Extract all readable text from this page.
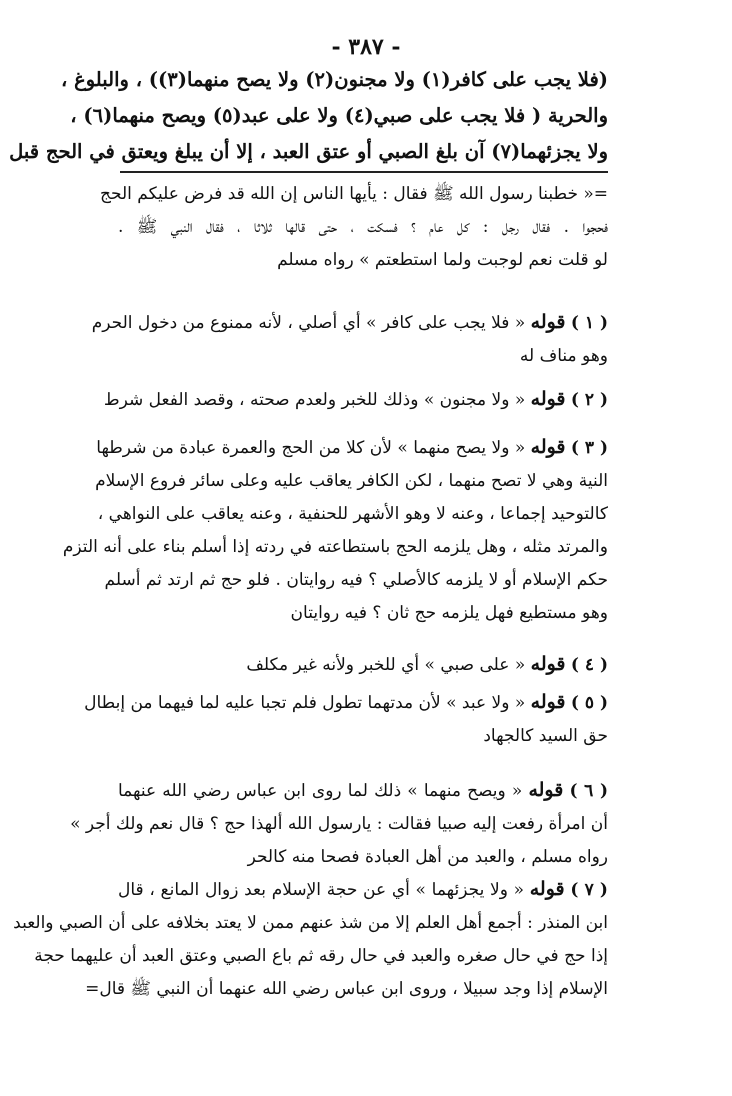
- ٣٨٧ -
(فلا يجب على كافر(١) ولا مجنون(٢) ولا يصح منهما(٣)) ، والبلوغ ،
والحرية ( فلا يجب على صبي(٤) ولا على عبد(٥) ويصح منهما(٦) ،
ولا يجزئهما(٧) آن بلغ الصبي أو عتق العبد ، إلا أن يبلغ ويعتق في الحج قبل
=« خطبنا رسول الله ﷺ فقال : يأيها الناس إن الله قد فرض عليكم الحج
فحجوا . فقال رجل : كل عام ؟ فسكت ، حتى قالها ثلاثا ، فقال النبي ﷺ .
لو قلت نعم لوجبت ولما استطعتم » رواه مسلم
( ١ ) قوله « فلا يجب على كافر » أي أصلي ، لأنه ممنوع من دخول الحرم
وهو مناف له
( ٢ ) قوله « ولا مجنون » وذلك للخبر ولعدم صحته ، وقصد الفعل شرط
( ٣ ) قوله « ولا يصح منهما » لأن كلا من الحج والعمرة عبادة من شرطها
النية وهي لا تصح منهما ، لكن الكافر يعاقب عليه وعلى سائر فروع الإسلام
كالتوحيد إجماعا ، وعنه لا وهو الأشهر للحنفية ، وعنه يعاقب على النواهي ،
والمرتد مثله ، وهل يلزمه الحج باستطاعته في ردته إذا أسلم بناء على أنه التزم
حكم الإسلام أو لا يلزمه كالأصلي ؟ فيه روايتان . فلو حج ثم ارتد ثم أسلم
وهو مستطيع فهل يلزمه حج ثان ؟ فيه روايتان
( ٤ ) قوله « على صبي » أي للخبر ولأنه غير مكلف
( ٥ ) قوله « ولا عبد » لأن مدتهما تطول فلم تجبا عليه لما فيهما من إبطال
حق السيد كالجهاد
( ٦ ) قوله « ويصح منهما » ذلك لما روى ابن عباس رضي الله عنهما
أن امرأة رفعت إليه صبيا فقالت : يارسول الله ألهذا حج ؟ قال نعم ولك أجر »
رواه مسلم ، والعبد من أهل العبادة فصحا منه كالحر
( ٧ ) قوله « ولا يجزئهما » أي عن حجة الإسلام بعد زوال المانع ، قال
ابن المنذر : أجمع أهل العلم إلا من شذ عنهم ممن لا يعتد بخلافه على أن الصبي والعبد
إذا حج في حال صغره والعبد في حال رقه ثم باع الصبي وعتق العبد أن عليهما حجة
الإسلام إذا وجد سبيلا ، وروى ابن عباس رضي الله عنهما أن النبي ﷺ قال=
